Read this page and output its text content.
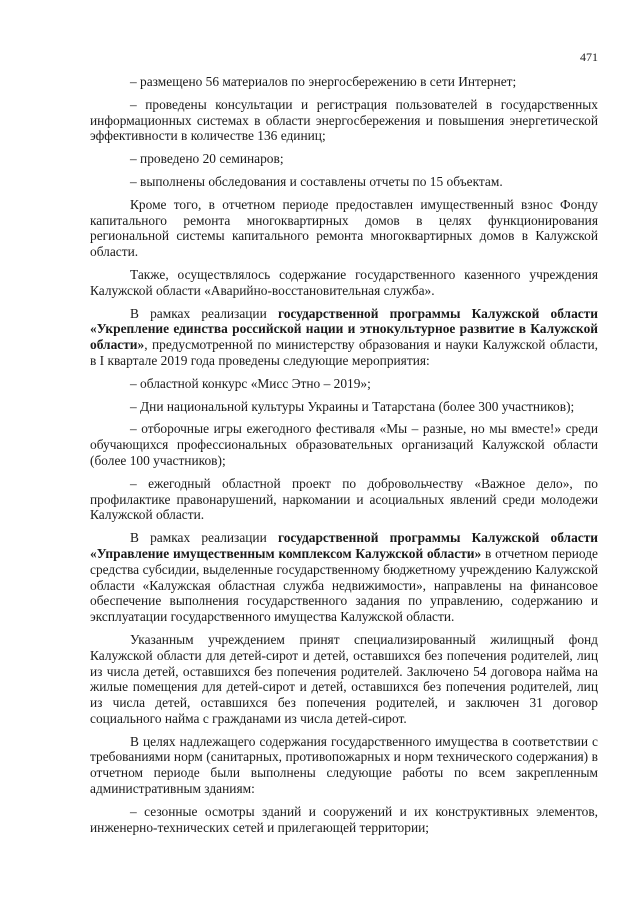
471

– размещено 56 материалов по энергосбережению в сети Интернет;

– проведены консультации и регистрация пользователей в государственных информационных системах в области энергосбережения и повышения энергетической эффективности в количестве 136 единиц;

– проведено 20 семинаров;

– выполнены обследования и составлены отчеты по 15 объектам.

Кроме того, в отчетном периоде предоставлен имущественный взнос Фонду капитального ремонта многоквартирных домов в целях функционирования региональной системы капитального ремонта многоквартирных домов в Калужской области.

Также, осуществлялось содержание государственного казенного учреждения Калужской области «Аварийно-восстановительная служба».

В рамках реализации государственной программы Калужской области «Укрепление единства российской нации и этнокультурное развитие в Калужской области», предусмотренной по министерству образования и науки Калужской области, в I квартале 2019 года проведены следующие мероприятия:

– областной конкурс «Мисс Этно – 2019»;

– Дни национальной культуры Украины и Татарстана (более 300 участников);

– отборочные игры ежегодного фестиваля «Мы – разные, но мы вместе!» среди обучающихся профессиональных образовательных организаций Калужской области (более 100 участников);

– ежегодный областной проект по добровольчеству «Важное дело», по профилактике правонарушений, наркомании и асоциальных явлений среди молодежи Калужской области.

В рамках реализации государственной программы Калужской области «Управление имущественным комплексом Калужской области» в отчетном периоде средства субсидии, выделенные государственному бюджетному учреждению Калужской области «Калужская областная служба недвижимости», направлены на финансовое обеспечение выполнения государственного задания по управлению, содержанию и эксплуатации государственного имущества Калужской области.

Указанным учреждением принят специализированный жилищный фонд Калужской области для детей-сирот и детей, оставшихся без попечения родителей, лиц из числа детей, оставшихся без попечения родителей. Заключено 54 договора найма на жилые помещения для детей-сирот и детей, оставшихся без попечения родителей, лиц из числа детей, оставшихся без попечения родителей, и заключен 31 договор социального найма с гражданами из числа детей-сирот.

В целях надлежащего содержания государственного имущества в соответствии с требованиями норм (санитарных, противопожарных и норм технического содержания) в отчетном периоде были выполнены следующие работы по всем закрепленным административным зданиям:

– сезонные осмотры зданий и сооружений и их конструктивных элементов, инженерно-технических сетей и прилегающей территории;
